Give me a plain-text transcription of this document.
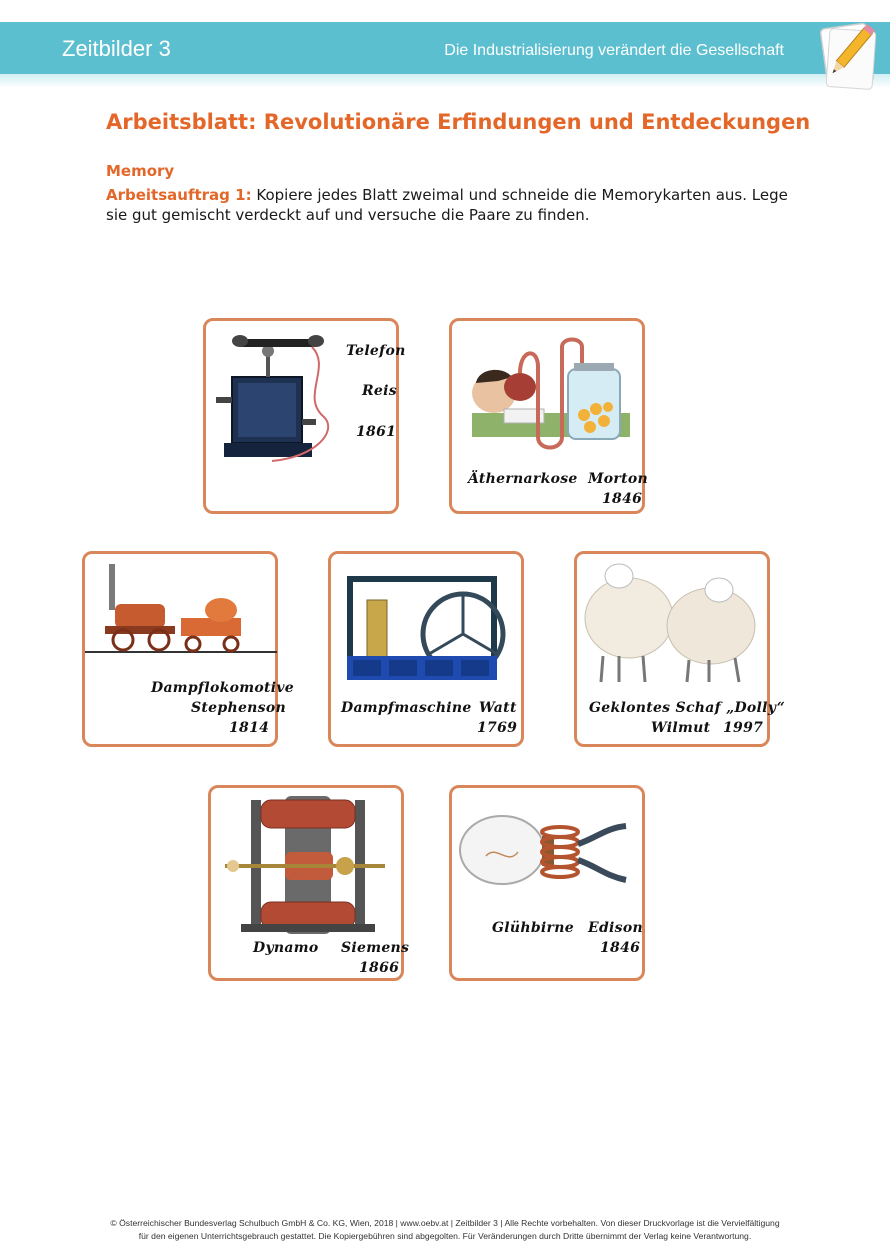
Zeitbilder 3	Die Industrialisierung verändert die Gesellschaft
Arbeitsblatt: Revolutionäre Erfindungen und Entdeckungen
Memory
Arbeitsauftrag 1: Kopiere jedes Blatt zweimal und schneide die Memorykarten aus. Lege sie gut gemischt verdeckt auf und versuche die Paare zu finden.
Telefon
Reis
1861
Äthernarkose Morton
1846
Dampflokomotive
Stephenson
1814
Dampfmaschine Watt
1769
Geklontes Schaf „Dolly“
Wilmut 1997
Dynamo Siemens
1866
Glühbirne Edison
1846
© Österreichischer Bundesverlag Schulbuch GmbH & Co. KG, Wien, 2018 | www.oebv.at | Zeitbilder 3 | Alle Rechte vorbehalten. Von dieser Druckvorlage ist die Vervielfältigung
für den eigenen Unterrichtsgebrauch gestattet. Die Kopiergebühren sind abgegolten. Für Veränderungen durch Dritte übernimmt der Verlag keine Verantwortung.
